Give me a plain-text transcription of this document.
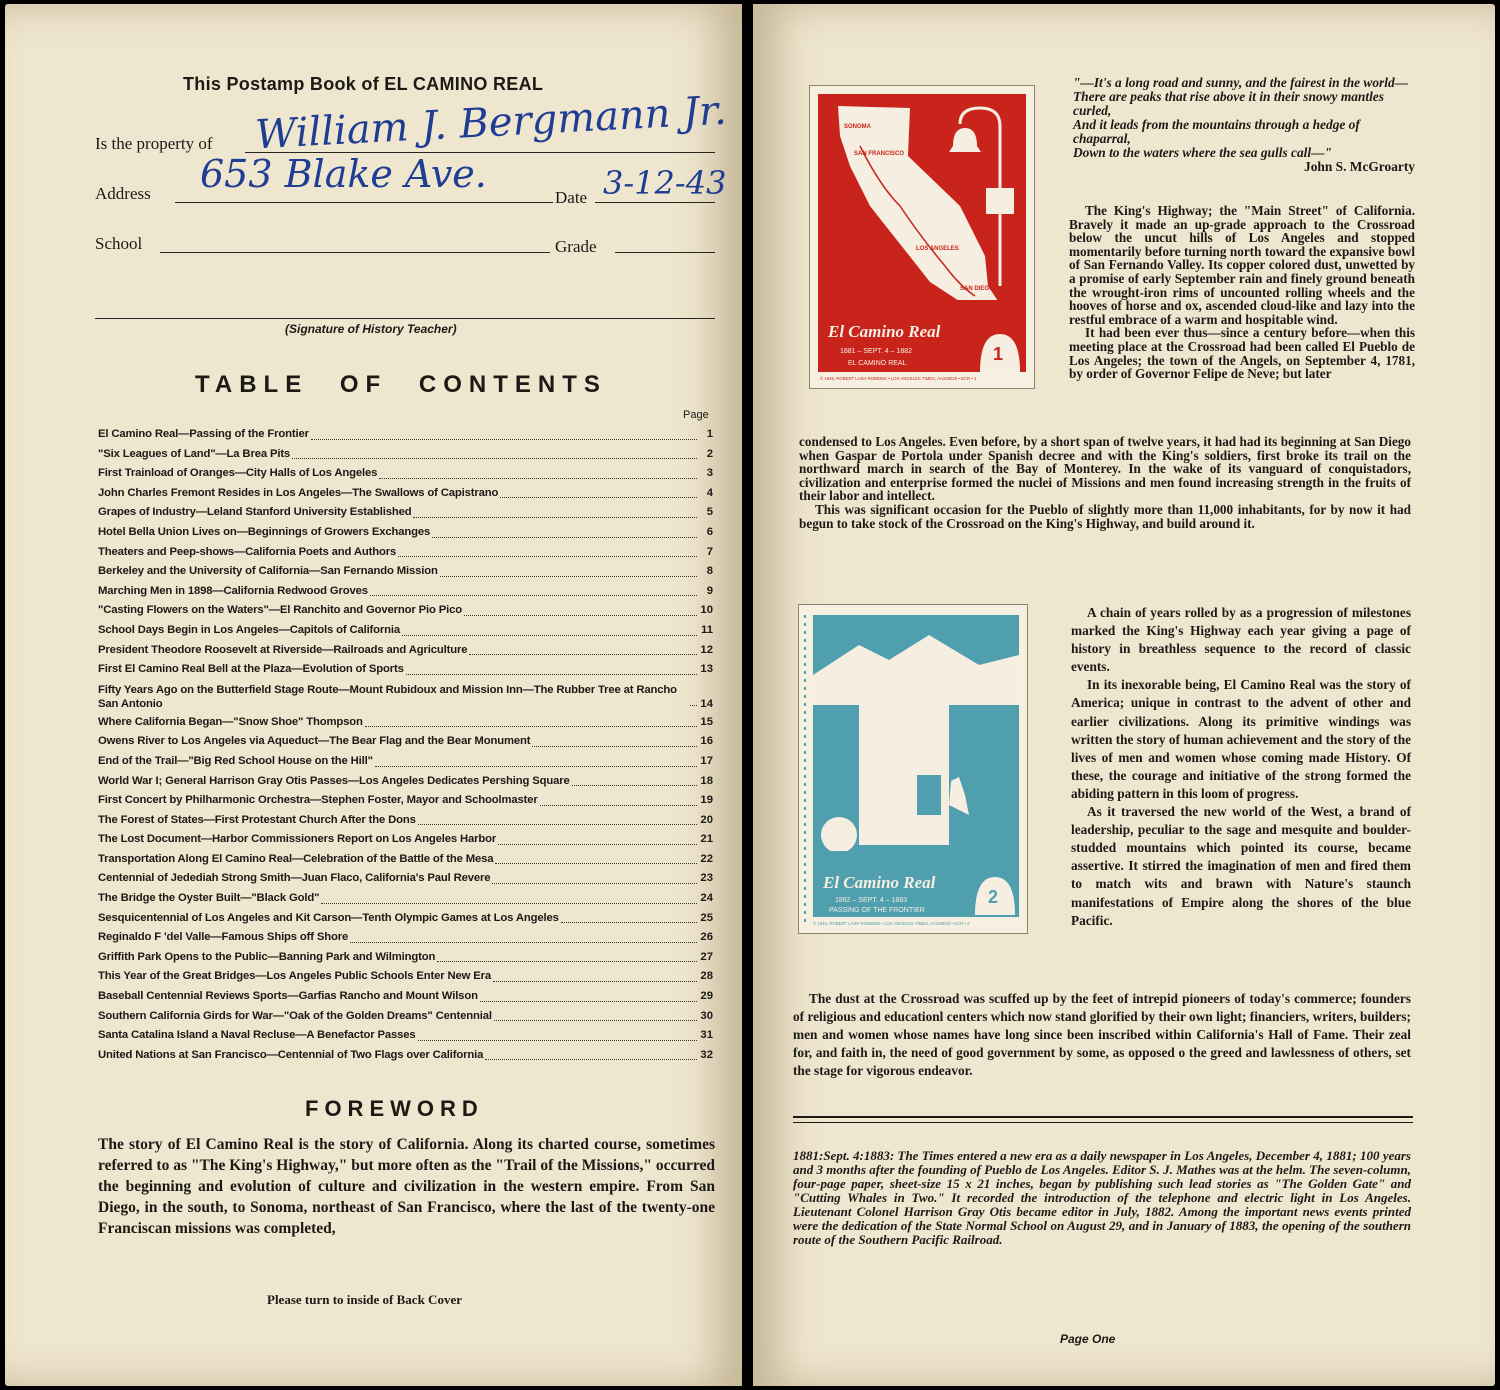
This Postamp Book of EL CAMINO REAL
Is the property of William J. Bergmann Jr.
Address 653 Blake Ave.
Date 3-12-43
School	Grade
(Signature of History Teacher)
TABLE OF CONTENTS
Page
El Camino Real—Passing of the Frontier	1
"Six Leagues of Land"—La Brea Pits	2
First Trainload of Oranges—City Halls of Los Angeles	3
John Charles Fremont Resides in Los Angeles—The Swallows of Capistrano	4
Grapes of Industry—Leland Stanford University Established	5
Hotel Bella Union Lives on—Beginnings of Growers Exchanges	6
Theaters and Peep-shows—California Poets and Authors	7
Berkeley and the University of California—San Fernando Mission	8
Marching Men in 1898—California Redwood Groves	9
"Casting Flowers on the Waters"—El Ranchito and Governor Pio Pico	10
School Days Begin in Los Angeles—Capitols of California	11
President Theodore Roosevelt at Riverside—Railroads and Agriculture	12
First El Camino Real Bell at the Plaza—Evolution of Sports	13
Fifty Years Ago on the Butterfield Stage Route—Mount Rubidoux and Mission Inn—The Rubber Tree at Rancho San Antonio	14
Where California Began—"Snow Shoe" Thompson	15
Owens River to Los Angeles via Aqueduct—The Bear Flag and the Bear Monument	16
End of the Trail—"Big Red School House on the Hill"	17
World War I; General Harrison Gray Otis Passes—Los Angeles Dedicates Pershing Square	18
First Concert by Philharmonic Orchestra—Stephen Foster, Mayor and Schoolmaster	19
The Forest of States—First Protestant Church After the Dons	20
The Lost Document—Harbor Commissioners Report on Los Angeles Harbor	21
Transportation Along El Camino Real—Celebration of the Battle of the Mesa	22
Centennial of Jedediah Strong Smith—Juan Flaco, California's Paul Revere	23
The Bridge the Oyster Built—"Black Gold"	24
Sesquicentennial of Los Angeles and Kit Carson—Tenth Olympic Games at Los Angeles	25
Reginaldo F 'del Valle—Famous Ships off Shore	26
Griffith Park Opens to the Public—Banning Park and Wilmington	27
This Year of the Great Bridges—Los Angeles Public Schools Enter New Era	28
Baseball Centennial Reviews Sports—Garfias Rancho and Mount Wilson	29
Southern California Girds for War—"Oak of the Golden Dreams" Centennial	30
Santa Catalina Island a Naval Recluse—A Benefactor Passes	31
United Nations at San Francisco—Centennial of Two Flags over California	32
FOREWORD
The story of El Camino Real is the story of California. Along its charted course, sometimes referred to as "The King's Highway," but more often as the "Trail of the Missions," occurred the beginning and evolution of culture and civilization in the western empire. From San Diego, in the south, to Sonoma, northeast of San Francisco, where the last of the twenty-one Franciscan missions was completed,
Please turn to inside of Back Cover
SONOMA
SAN FRANCISCO
LOS ANGELES
SAN DIEGO
El Camino Real
1881 – SEPT. 4 – 1882
EL CAMINO REAL	1
© 1946, ROBERT LASH ROBBINS • LOS ANGELES TIMES, AA249020 • ECR • 1
"—It's a long road and sunny, and the fairest in the world—
There are peaks that rise above it in their snowy mantles curled,
And it leads from the mountains through a hedge of chaparral,
Down to the waters where the sea gulls call—"
John S. McGroarty

The King's Highway; the "Main Street" of California. Bravely it made an up-grade approach to the Crossroad below the uncut hills of Los Angeles and stopped momentarily before turning north toward the expansive bowl of San Fernando Valley. Its copper colored dust, unwetted by a promise of early September rain and finely ground beneath the wrought-iron rims of uncounted rolling wheels and the hooves of horse and ox, ascended cloud-like and lazy into the restful embrace of a warm and hospitable wind.

It had been ever thus—since a century before—when this meeting place at the Crossroad had been called El Pueblo de Los Angeles; the town of the Angels, on September 4, 1781, by order of Governor Felipe de Neve; but later

condensed to Los Angeles. Even before, by a short span of twelve years, it had had its beginning at San Diego when Gaspar de Portola under Spanish decree and with the King's soldiers, first broke its trail on the northward march in search of the Bay of Monterey. In the wake of its vanguard of conquistadors, civilization and enterprise formed the nuclei of Missions and men found increasing strength in the fruits of their labor and intellect.

This was significant occasion for the Pueblo of slightly more than 11,000 inhabitants, for by now it had begun to take stock of the Crossroad on the King's Highway, and build around it.

El Camino Real
1882 – SEPT. 4 – 1883
PASSING OF THE FRONTIER
2
© 1946, ROBERT LASH ROBBINS • LOS ANGELES TIMES, AA249020 • ECR • 2

A chain of years rolled by as a progression of milestones marked the King's Highway each year giving a page of history in breathless sequence to the record of classic events.

In its inexorable being, El Camino Real was the story of America; unique in contrast to the advent of other and earlier civilizations. Along its primitive windings was written the story of human achievement and the story of the lives of men and women whose coming made History. Of these, the courage and initiative of the strong formed the abiding pattern in this loom of progress.

As it traversed the new world of the West, a brand of leadership, peculiar to the sage and mesquite and boulder-studded mountains which pointed its course, became assertive. It stirred the imagination of men and fired them to match wits and brawn with Nature's staunch manifestations of Empire along the shores of the blue Pacific.

The dust at the Crossroad was scuffed up by the feet of intrepid pioneers of today's commerce; founders of religious and educationl centers which now stand glorified by their own light; financiers, writers, builders; men and women whose names have long since been inscribed within California's Hall of Fame. Their zeal for, and faith in, the need of good government by some, as opposed o the greed and lawlessness of others, set the stage for vigorous endeavor.
1881:Sept. 4:1883: The Times entered a new era as a daily newspaper in Los Angeles, December 4, 1881; 100 years and 3 months after the founding of Pueblo de Los Angeles. Editor S. J. Mathes was at the helm. The seven-column, four-page paper, sheet-size 15 x 21 inches, began by publishing such lead stories as "The Golden Gate" and "Cutting Whales in Two." It recorded the introduction of the telephone and electric light in Los Angeles. Lieutenant Colonel Harrison Gray Otis became editor in July, 1882. Among the important news events printed were the dedication of the State Normal School on August 29, and in January of 1883, the opening of the southern route of the Southern Pacific Railroad.
Page One
